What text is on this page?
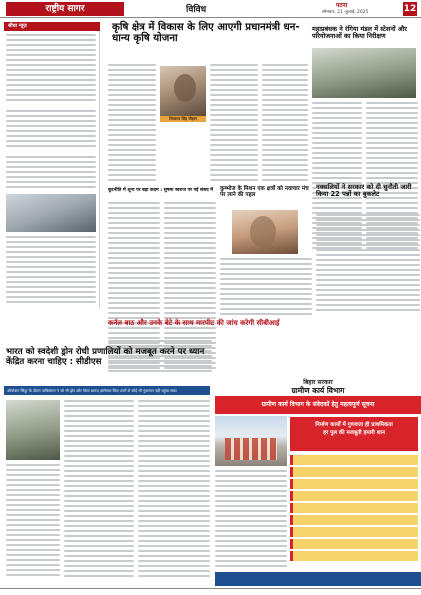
राष्ट्रीय सागर	विविध	पटना
सोमवार, 21 जुलाई, 2025	12
सीधा न्यूज़	कृषि क्षेत्र में विकास के लिए आएगी प्रधानमंत्री धन-धान्य कृषि योजना
शिवराज सिंह चौहान
महाप्रबंधक ने रंगिया मंडल में स्टेशनों और परियोजनाओं का किया निरीक्षण
कूटनीति में शून्य पर बड़ा कदम : सुषमा स्वराज पर गई संसद में	कुम्भोज के मिशन एक क्षत्रों को नवाचार मंच पर लाने की पहल
नक्सलियों ने सरकार को दी चुनौती जारी किया 22 पन्नों का बुकलेट
कर्नल बाठ और उनके बेटे के साथ मारपीट की जांच करेगी सीबीआई
बिहार सरकार
ग्रामीण कार्य विभाग
ग्रामीण कार्य विभाग के संवेदकों हेतु महत्वपूर्ण सूचना
निर्माण कार्यों में गुणवत्ता ही प्राथमिकता
हर पुल की मजबूती हमारी शान
भारत को स्वदेशी ड्रोन रोधी प्रणालियों को मजबूत करने पर ध्यान केंद्रित करना चाहिए : सीडीएस
ऑपरेशन सिंदूर के दौरान पाकिस्तान ने जो भी ड्रोन और गोला बारूद इस्तेमाल किए उनमें से कोई भी नुकसान नहीं पहुंचा सका
